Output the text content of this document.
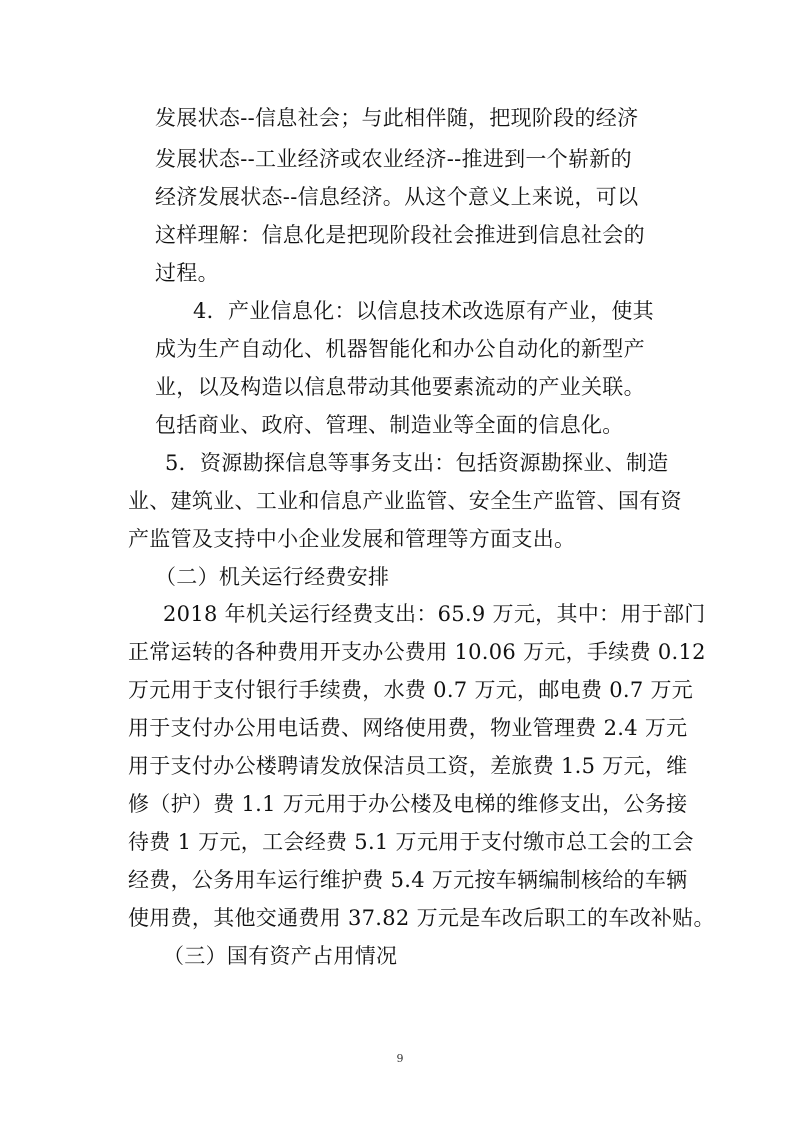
发展状态--信息社会；与此相伴随，把现阶段的经济
发展状态--工业经济或农业经济--推进到一个崭新的
经济发展状态--信息经济。从这个意义上来说，可以
这样理解：信息化是把现阶段社会推进到信息社会的
过程。
4．产业信息化：以信息技术改选原有产业，使其
成为生产自动化、机器智能化和办公自动化的新型产
业，以及构造以信息带动其他要素流动的产业关联。
包括商业、政府、管理、制造业等全面的信息化。
5．资源勘探信息等事务支出：包括资源勘探业、制造
业、建筑业、工业和信息产业监管、安全生产监管、国有资
产监管及支持中小企业发展和管理等方面支出。
（二）机关运行经费安排
2018 年机关运行经费支出：65.9 万元，其中：用于部门
正常运转的各种费用开支办公费用 10.06 万元，手续费 0.12
万元用于支付银行手续费，水费 0.7 万元，邮电费 0.7 万元
用于支付办公用电话费、网络使用费，物业管理费 2.4 万元
用于支付办公楼聘请发放保洁员工资，差旅费 1.5 万元，维
修（护）费 1.1 万元用于办公楼及电梯的维修支出，公务接
待费 1 万元，工会经费 5.1 万元用于支付缴市总工会的工会
经费，公务用车运行维护费 5.4 万元按车辆编制核给的车辆
使用费，其他交通费用 37.82 万元是车改后职工的车改补贴。
（三）国有资产占用情况
9
